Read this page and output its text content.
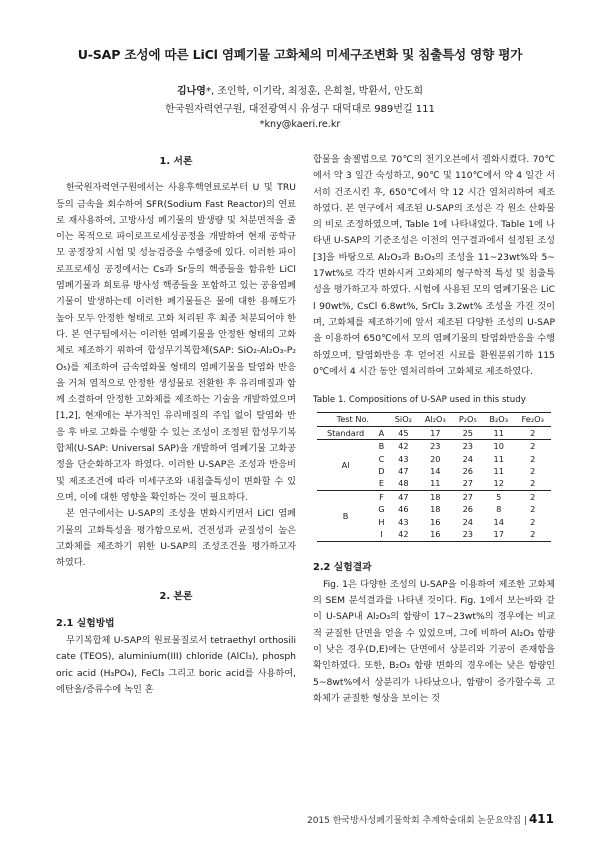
U-SAP 조성에 따른 LiCl 염폐기물 고화체의 미세구조변화 및 침출특성 영향 평가
김나영*, 조인학, 이기락, 최정훈, 은희철, 박환서, 안도희
한국원자력연구원, 대전광역시 유성구 대덕대로 989번길 111
*kny@kaeri.re.kr
1. 서론

한국원자력연구원에서는 사용후핵연료로부터 U 및 TRU 등의 금속을 회수하여 SFR(Sodium Fast Reactor)의 연료로 재사용하여, 고방사성 폐기물의 발생량 및 처분면적을 줄이는 목적으로 파이로프로세싱공정을 개발하여 현재 공학규모 공정장치 시험 및 성능검증을 수행중에 있다. 이러한 파이로프로세싱 공정에서는 Cs과 Sr등의 핵종들을 함유한 LiCl 염폐기물과 희토류 방사성 핵종들을 포함하고 있는 공융염폐기물이 발생하는데 이러한 폐기물들은 물에 대한 용해도가 높아 모두 안정한 형태로 고화 처리된 후 최종 처분되어야 한다. 본 연구팀에서는 이러한 염폐기물을 안정한 형태의 고화체로 제조하기 위하여 합성무기복합체(SAP: SiO₂-Al₂O₃-P₂O₅)를 제조하여 금속염화물 형태의 염폐기물을 탈염화 반응을 거쳐 열적으로 안정한 생성물로 전환한 후 유리매질과 함께 소결하여 안정한 고화체를 제조하는 기술을 개발하였으며[1,2], 현재에는 부가적인 유리매질의 주입 없이 탈염화 반응 후 바로 고화를 수행할 수 있는 조성이 조정된 합성무기복합체(U-SAP: Universal SAP)을 개발하여 염폐기물 고화공정을 단순화하고자 하였다. 이러한 U-SAP은 조성과 반응비 및 제조조건에 따라 미세구조와 내침출특성이 변화할 수 있으며, 이에 대한 영향을 확인하는 것이 필요하다.

본 연구에서는 U-SAP의 조성을 변화시키면서 LiCl 염폐기물의 고화특성을 평가함으로써, 건전성과 균질성이 높은 고화체를 제조하기 위한 U-SAP의 조성조건을 평가하고자 하였다.

2. 본론
2.1 실험방법

무기복합체 U-SAP의 원료물질로서 tetraethyl orthosilicate (TEOS), aluminium(III) chloride (AlCl₃), phosphoric acid (H₃PO₄), FeCl₃ 그리고 boric acid를 사용하여, 에탄올/증류수에 녹인 혼

합물을 솔젤법으로 70℃의 전기오븐에서 겔화시켰다. 70℃에서 약 3 일간 숙성하고, 90℃ 및 110℃에서 약 4 일간 서서히 건조시킨 후, 650℃에서 약 12 시간 열처리하여 제조하였다. 본 연구에서 제조된 U-SAP의 조성은 각 원소 산화물의 비로 조정하였으며, Table 1에 나타내었다. Table 1에 나타낸 U-SAP의 기준조성은 이전의 연구결과에서 설정된 조성[3]을 바탕으로 Al₂O₃과 B₂O₃의 조성을 11~23wt%와 5~17wt%로 각각 변화시켜 고화체의 형구학적 특성 및 침출특성을 평가하고자 하였다. 시험에 사용된 모의 염폐기물은 LiCl 90wt%, CsCl 6.8wt%, SrCl₂ 3.2wt% 조성을 가진 것이며, 고화체를 제조하기에 앞서 제조된 다양한 조성의 U-SAP을 이용하여 650℃에서 모의 염폐기물의 탈염화반응을 수행하였으며, 탈염화반응 후 얻어진 시료를 환원분위기하 1150℃에서 4 시간 동안 열처리하여 고화체로 제조하였다.

Table 1. Compositions of U-SAP used in this study
Test No.		SiO₂	Al₂O₃	P₂O₅	B₂O₃	Fe₂O₃
Standard	A	45	17	25	11	2
Al	B	42	23	23	10	2
	C	43	20	24	11	2
	D	47	14	26	11	2
	E	48	11	27	12	2
B	F	47	18	27	5	2
	G	46	18	26	8	2
	H	43	16	24	14	2
	I	42	16	23	17	2
2.2 실험결과

Fig. 1은 다양한 조성의 U-SAP을 이용하여 제조한 고화체의 SEM 분석결과를 나타낸 것이다. Fig. 1에서 보는바와 같이 U-SAP내 Al₂O₃의 함량이 17~23wt%의 경우에는 비교적 균질한 단면을 얻을 수 있었으며, 그에 비하여 Al₂O₃ 함량이 낮은 경우(D,E)에는 단면에서 상분리와 기공이 존재함을 확인하였다. 또한, B₂O₃ 함량 변화의 경우에는 낮은 함량인 5~8wt%에서 상분리가 나타났으나, 함량이 증가할수록 고화체가 균질한 형상을 보이는 것

2015 한국방사성폐기물학회 추계학술대회 논문요약집 | 411
